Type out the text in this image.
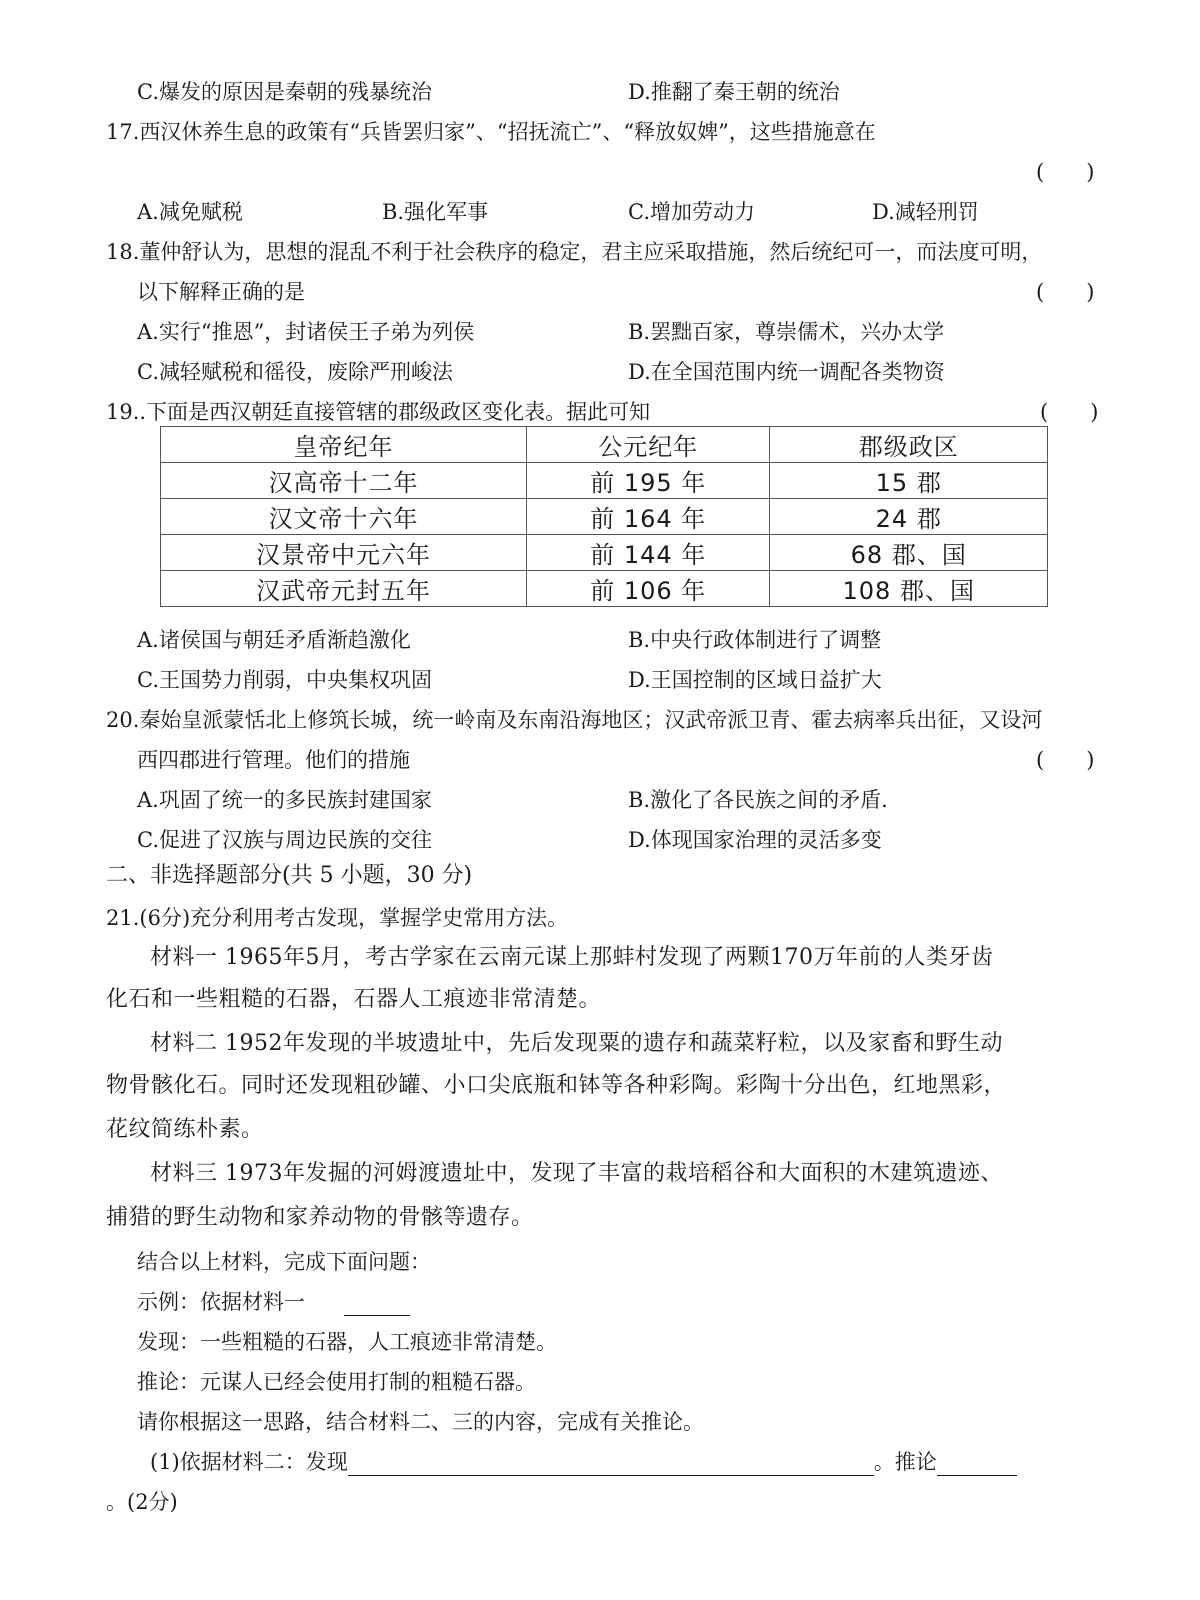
C.爆发的原因是秦朝的残暴统治	D.推翻了秦王朝的统治
17.西汉休养生息的政策有“兵皆罢归家”、“招抚流亡”、“释放奴婢”，这些措施意在
(　　)
A.减免赋税	B.强化军事	C.增加劳动力	D.减轻刑罚
18.董仲舒认为，思想的混乱不利于社会秩序的稳定，君主应采取措施，然后统纪可一，而法度可明，
以下解释正确的是	(　　)
A.实行“推恩”，封诸侯王子弟为列侯	B.罢黜百家，尊崇儒术，兴办太学
C.减轻赋税和徭役，废除严刑峻法	D.在全国范围内统一调配各类物资
19..下面是西汉朝廷直接管辖的郡级政区变化表。据此可知	(　　)
皇帝纪年	公元纪年	郡级政区
汉高帝十二年	前 195 年	15 郡
汉文帝十六年	前 164 年	24 郡
汉景帝中元六年	前 144 年	68 郡、国
汉武帝元封五年	前 106 年	108 郡、国
A.诸侯国与朝廷矛盾渐趋激化	B.中央行政体制进行了调整
C.王国势力削弱，中央集权巩固	D.王国控制的区域日益扩大
20.秦始皇派蒙恬北上修筑长城，统一岭南及东南沿海地区；汉武帝派卫青、霍去病率兵出征，又设河
西四郡进行管理。他们的措施	(　　)
A.巩固了统一的多民族封建国家	B.激化了各民族之间的矛盾.
C.促进了汉族与周边民族的交往	D.体现国家治理的灵活多变
二、非选择题部分(共 5 小题，30 分)
21.(6分)充分利用考古发现，掌握学史常用方法。
材料一 1965年5月，考古学家在云南元谋上那蚌村发现了两颗170万年前的人类牙齿
化石和一些粗糙的石器，石器人工痕迹非常清楚。
材料二 1952年发现的半坡遗址中，先后发现粟的遗存和蔬菜籽粒，以及家畜和野生动
物骨骸化石。同时还发现粗砂罐、小口尖底瓶和钵等各种彩陶。彩陶十分出色，红地黑彩，
花纹简练朴素。
材料三 1973年发掘的河姆渡遗址中，发现了丰富的栽培稻谷和大面积的木建筑遗迹、
捕猎的野生动物和家养动物的骨骸等遗存。
结合以上材料，完成下面问题：
示例：依据材料一
发现：一些粗糙的石器，人工痕迹非常清楚。
推论：元谋人已经会使用打制的粗糙石器。
请你根据这一思路，结合材料二、三的内容，完成有关推论。
(1)依据材料二：发现	。推论
。(2分)
